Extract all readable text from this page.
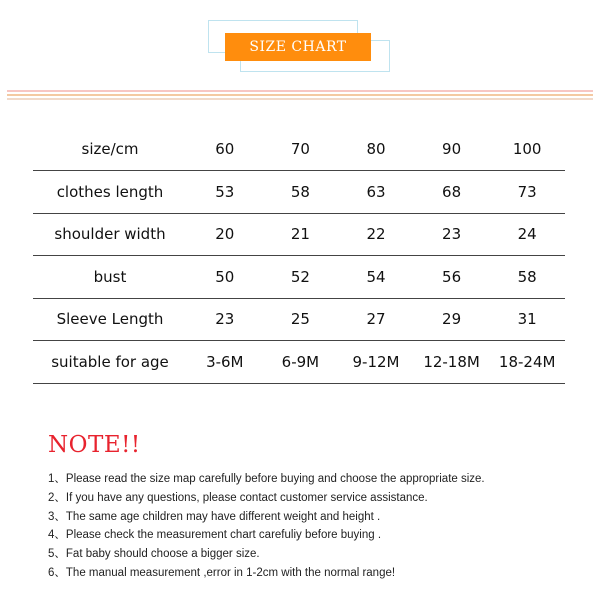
SIZE CHART
size/cm	60	70	80	90	100
clothes length	53	58	63	68	73
shoulder width	20	21	22	23	24
bust	50	52	54	56	58
Sleeve Length	23	25	27	29	31
suitable for age	3-6M	6-9M	9-12M	12-18M	18-24M
NOTE!!
1、Please read the size map carefully before buying and choose the appropriate size.
2、If you have any questions, please contact customer service assistance.
3、The same age children may have different weight and height .
4、Please check the measurement chart carefuliy before buying .
5、Fat baby should choose a bigger size.
6、The manual measurement ,error in 1-2cm with the normal range!
